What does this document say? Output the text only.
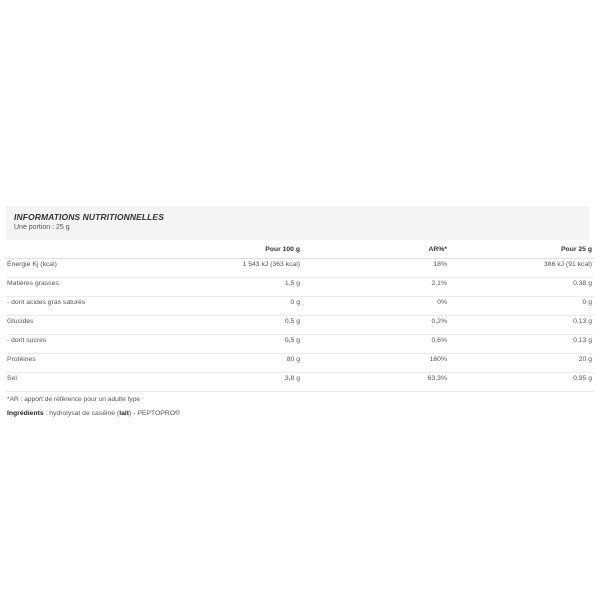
INFORMATIONS NUTRITIONNELLES
Une portion : 25 g
	Pour 100 g	AR%*	Pour 25 g
Énergie Kj (kcal)	1 543 kJ (363 kcal)	18%	386 kJ (91 kcal)
Matières grasses	1,5 g	2,1%	0,38 g
- dont acides gras saturés	0 g	0%	0 g
Glucides	0,5 g	0,2%	0,13 g
- dont sucres	0,5 g	0,6%	0,13 g
Protéines	80 g	160%	20 g
Sel	3,8 g	63,3%	0,95 g
*AR : apport de référence pour un adulte type
Ingrédients : hydrolysat de caséine (lait) - PEPTOPRO®
